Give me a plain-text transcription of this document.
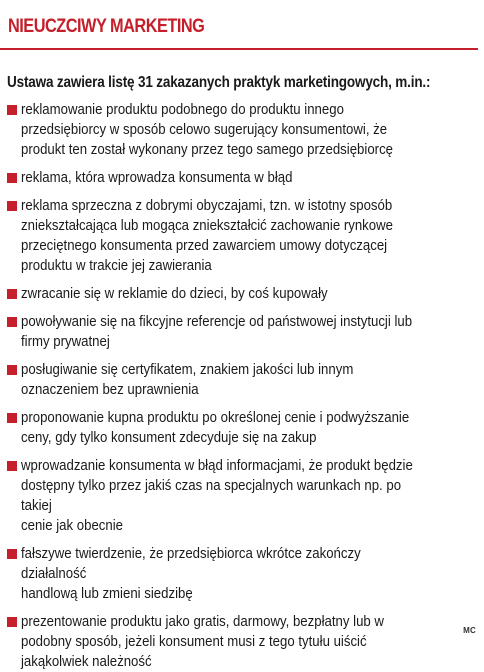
NIEUCZCIWY MARKETING
Ustawa zawiera listę 31 zakazanych praktyk marketingowych, m.in.:
reklamowanie produktu podobnego do produktu innego
przedsiębiorcy w sposób celowo sugerujący konsumentowi, że
produkt ten został wykonany przez tego samego przedsiębiorcę
reklama, która wprowadza konsumenta w błąd
reklama sprzeczna z dobrymi obyczajami, tzn. w istotny sposób
zniekształcająca lub mogąca zniekształcić zachowanie rynkowe
przeciętnego konsumenta przed zawarciem umowy dotyczącej
produktu w trakcie jej zawierania
zwracanie się w reklamie do dzieci, by coś kupowały
powoływanie się na fikcyjne referencje od państwowej instytucji lub
firmy prywatnej
posługiwanie się certyfikatem, znakiem jakości lub innym
oznaczeniem bez uprawnienia
proponowanie kupna produktu po określonej cenie i podwyższanie
ceny, gdy tylko konsument zdecyduje się na zakup
wprowadzanie konsumenta w błąd informacjami, że produkt będzie
dostępny tylko przez jakiś czas na specjalnych warunkach np. po takiej
cenie jak obecnie
fałszywe twierdzenie, że przedsiębiorca wkrótce zakończy działalność
handlową lub zmieni siedzibę
prezentowanie produktu jako gratis, darmowy, bezpłatny lub w
podobny sposób, jeżeli konsument musi z tego tytułu uiścić
jakąkolwiek należność
MC
